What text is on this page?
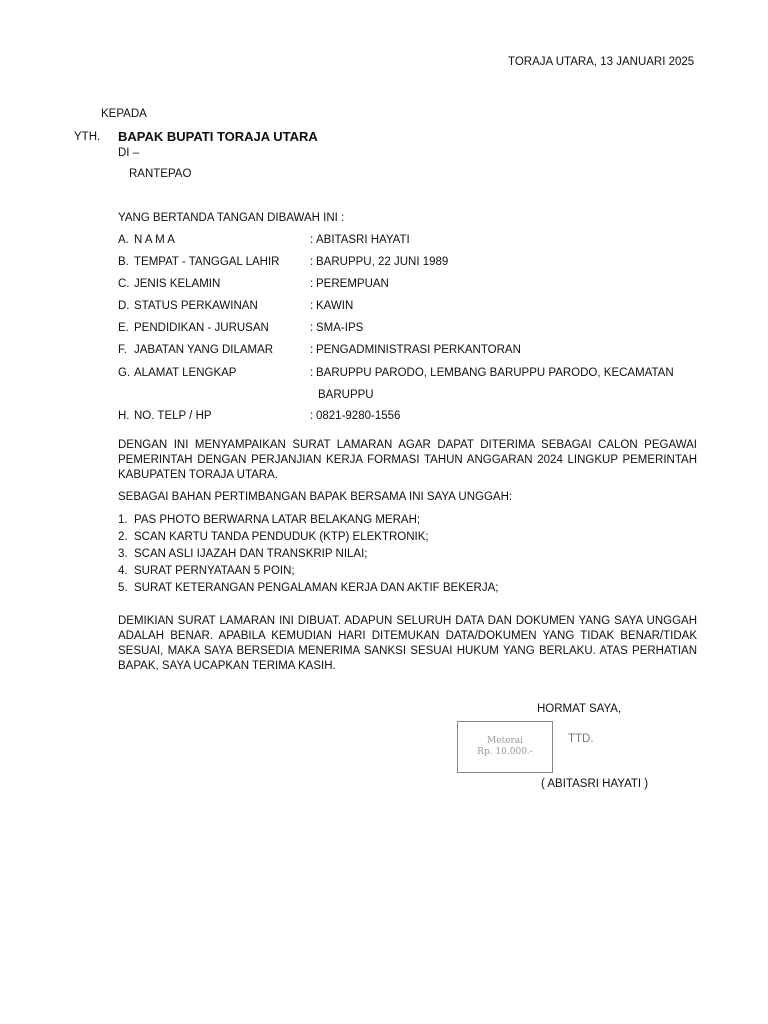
TORAJA UTARA, 13 JANUARI 2025
KEPADA
YTH. BAPAK BUPATI TORAJA UTARA
DI –
RANTEPAO
YANG BERTANDA TANGAN DIBAWAH INI :
A. N A M A	: ABITASRI HAYATI
B. TEMPAT - TANGGAL LAHIR	: BARUPPU, 22 JUNI 1989
C. JENIS KELAMIN	: PEREMPUAN
D. STATUS PERKAWINAN	: KAWIN
E. PENDIDIKAN - JURUSAN	: SMA-IPS
F. JABATAN YANG DILAMAR	: PENGADMINISTRASI PERKANTORAN
G. ALAMAT LENGKAP	: BARUPPU PARODO, LEMBANG BARUPPU PARODO, KECAMATAN
BARUPPU
H. NO. TELP / HP	: 0821-9280-1556
DENGAN INI MENYAMPAIKAN SURAT LAMARAN AGAR DAPAT DITERIMA SEBAGAI CALON PEGAWAI PEMERINTAH DENGAN PERJANJIAN KERJA FORMASI TAHUN ANGGARAN 2024 LINGKUP PEMERINTAH KABUPATEN TORAJA UTARA.
SEBAGAI BAHAN PERTIMBANGAN BAPAK BERSAMA INI SAYA UNGGAH:
1. PAS PHOTO BERWARNA LATAR BELAKANG MERAH;
2. SCAN KARTU TANDA PENDUDUK (KTP) ELEKTRONIK;
3. SCAN ASLI IJAZAH DAN TRANSKRIP NILAI;
4. SURAT PERNYATAAN 5 POIN;
5. SURAT KETERANGAN PENGALAMAN KERJA DAN AKTIF BEKERJA;
DEMIKIAN SURAT LAMARAN INI DIBUAT. ADAPUN SELURUH DATA DAN DOKUMEN YANG SAYA UNGGAH ADALAH BENAR. APABILA KEMUDIAN HARI DITEMUKAN DATA/DOKUMEN YANG TIDAK BENAR/TIDAK SESUAI, MAKA SAYA BERSEDIA MENERIMA SANKSI SESUAI HUKUM YANG BERLAKU. ATAS PERHATIAN BAPAK, SAYA UCAPKAN TERIMA KASIH.
HORMAT SAYA,
Meterai
Rp. 10.000.-
TTD.
( ABITASRI HAYATI )
